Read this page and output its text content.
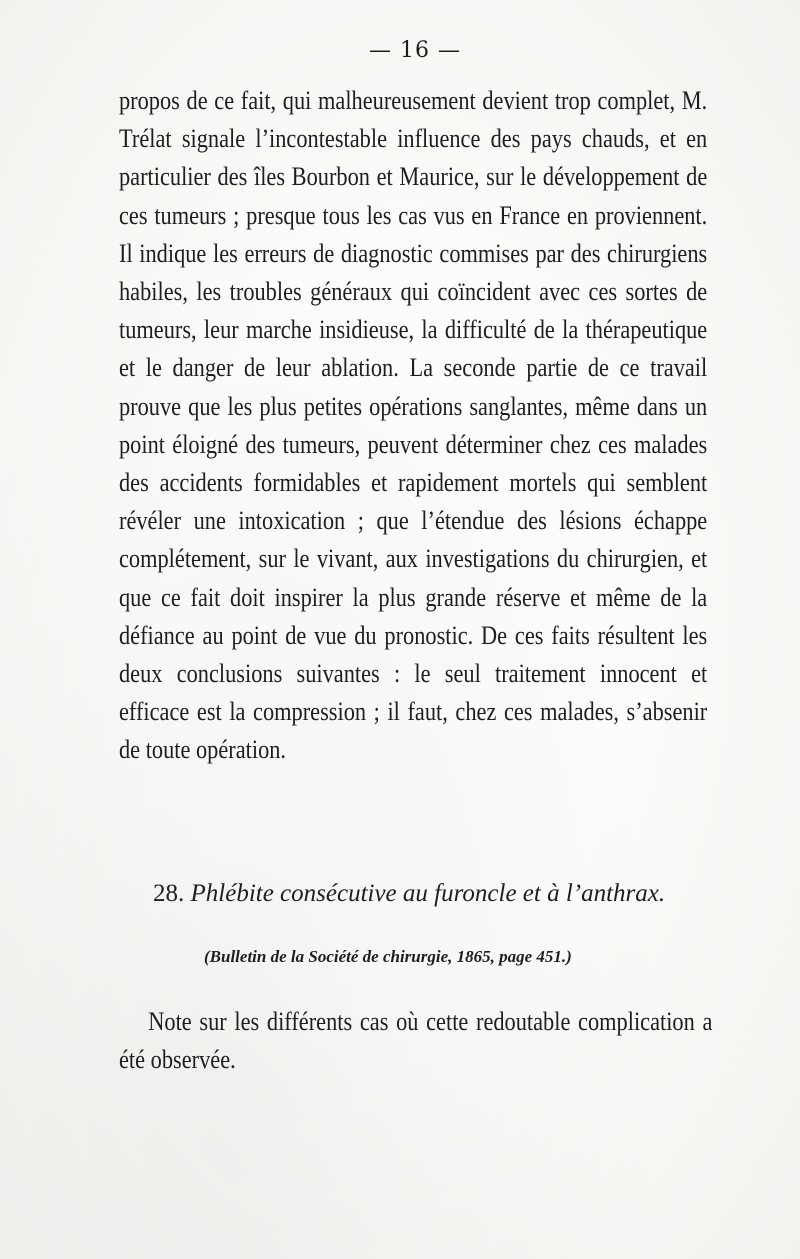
— 16 —

propos de ce fait, qui malheureusement devient trop complet, M. Trélat signale l’incontestable influence des pays chauds, et en particulier des îles Bourbon et Maurice, sur le développement de ces tumeurs ; presque tous les cas vus en France en proviennent. Il indique les erreurs de diagnostic commises par des chirurgiens habiles, les troubles généraux qui coïncident avec ces sortes de tumeurs, leur marche insidieuse, la difficulté de la thérapeutique et le danger de leur ablation. La seconde partie de ce travail prouve que les plus petites opérations sanglantes, même dans un point éloigné des tumeurs, peuvent déterminer chez ces malades des accidents formidables et rapidement mortels qui semblent révéler une intoxication ; que l’étendue des lésions échappe complétement, sur le vivant, aux investigations du chirurgien, et que ce fait doit inspirer la plus grande réserve et même de la défiance au point de vue du pronostic. De ces faits résultent les deux conclusions suivantes : le seul traitement innocent et efficace est la compression ; il faut, chez ces malades, s’absenir de toute opération.

28. Phlébite consécutive au furoncle et à l’anthrax.
(Bulletin de la Société de chirurgie, 1865, page 451.)

Note sur les différents cas où cette redoutable complication a été observée.
